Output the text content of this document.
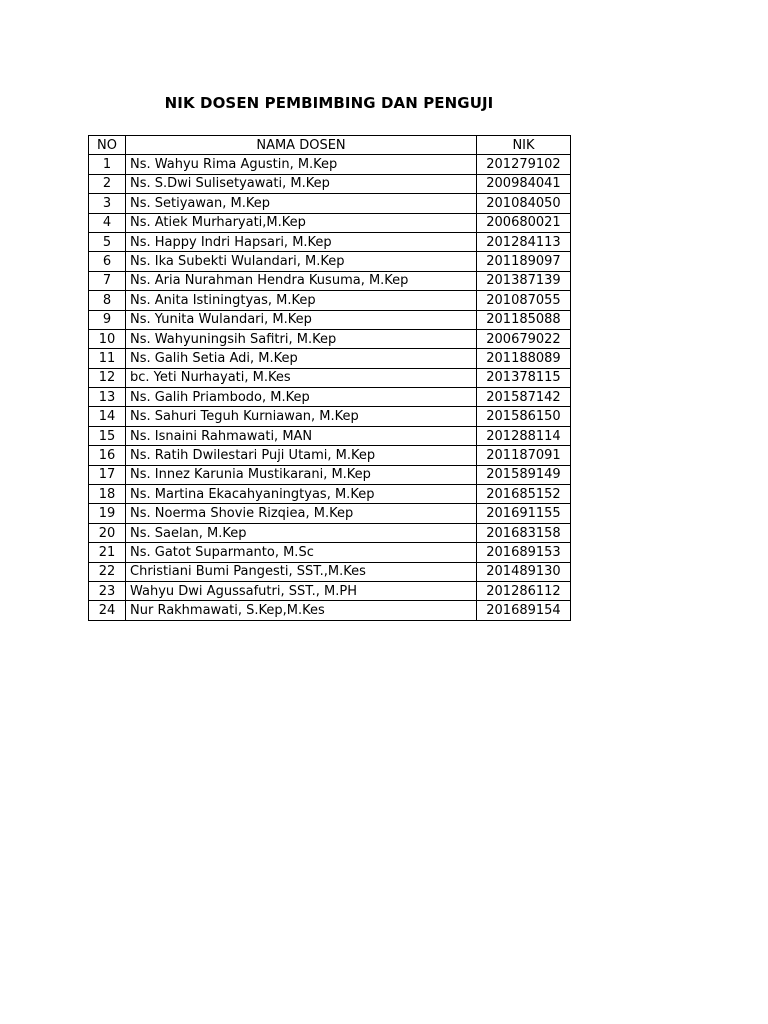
NIK DOSEN PEMBIMBING DAN PENGUJI
NO	NAMA DOSEN	NIK
1	Ns. Wahyu Rima Agustin, M.Kep	201279102
2	Ns. S.Dwi Sulisetyawati, M.Kep	200984041
3	Ns. Setiyawan, M.Kep	201084050
4	Ns. Atiek Murharyati,M.Kep	200680021
5	Ns. Happy Indri Hapsari, M.Kep	201284113
6	Ns. Ika Subekti Wulandari, M.Kep	201189097
7	Ns. Aria Nurahman Hendra Kusuma, M.Kep	201387139
8	Ns. Anita Istiningtyas, M.Kep	201087055
9	Ns. Yunita Wulandari, M.Kep	201185088
10	Ns. Wahyuningsih Safitri, M.Kep	200679022
11	Ns. Galih Setia Adi, M.Kep	201188089
12	bc. Yeti Nurhayati, M.Kes	201378115
13	Ns. Galih Priambodo, M.Kep	201587142
14	Ns. Sahuri Teguh Kurniawan, M.Kep	201586150
15	Ns. Isnaini Rahmawati, MAN	201288114
16	Ns. Ratih Dwilestari Puji Utami, M.Kep	201187091
17	Ns. Innez Karunia Mustikarani, M.Kep	201589149
18	Ns. Martina Ekacahyaningtyas, M.Kep	201685152
19	Ns. Noerma Shovie Rizqiea, M.Kep	201691155
20	Ns. Saelan, M.Kep	201683158
21	Ns. Gatot Suparmanto, M.Sc	201689153
22	Christiani Bumi Pangesti, SST.,M.Kes	201489130
23	Wahyu Dwi Agussafutri, SST., M.PH	201286112
24	Nur Rakhmawati, S.Kep,M.Kes	201689154
